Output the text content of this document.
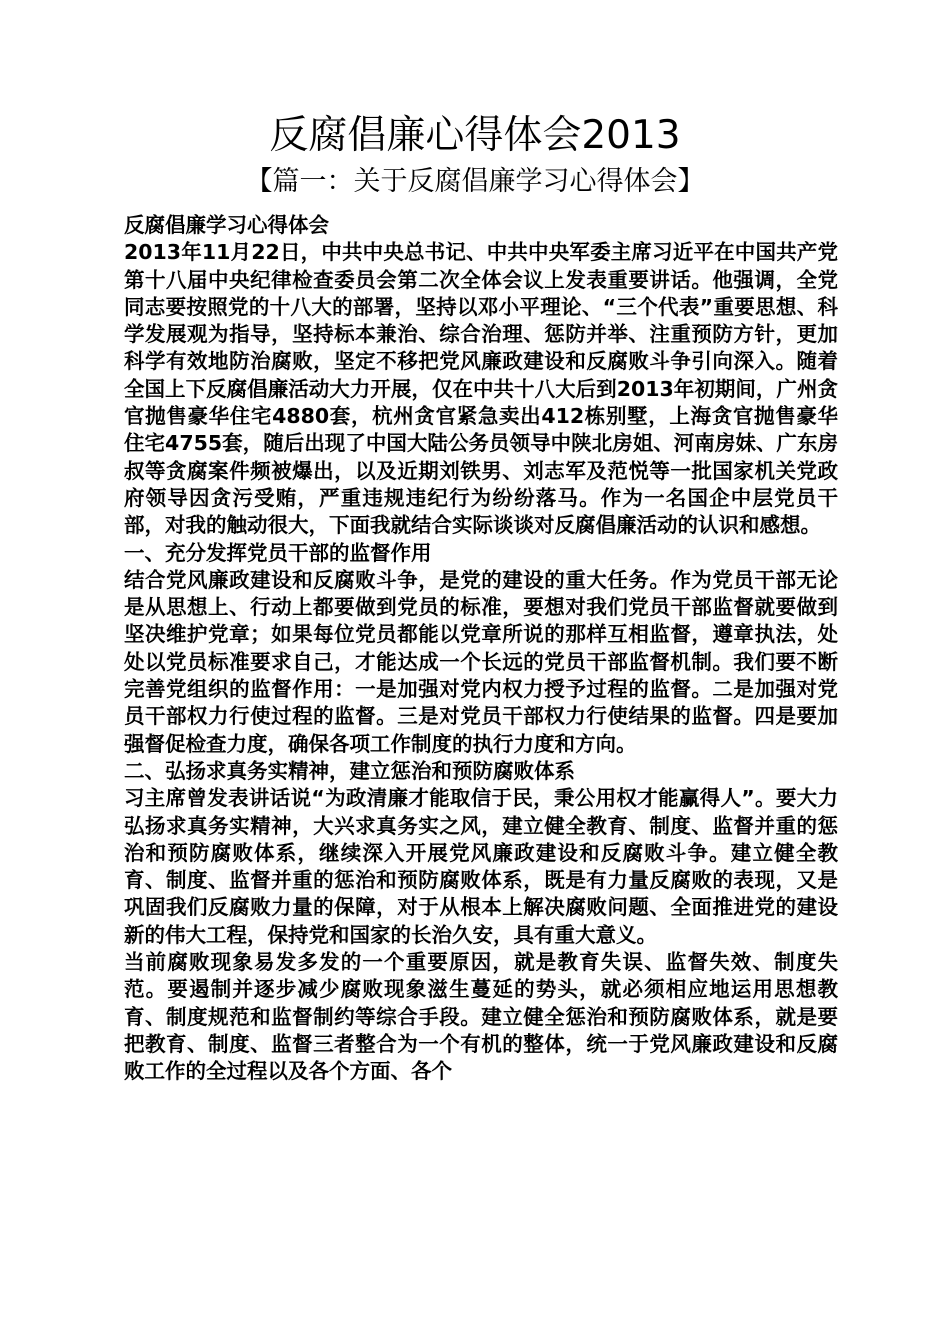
反腐倡廉心得体会2013
【篇一：关于反腐倡廉学习心得体会】

反腐倡廉学习心得体会

2013年11月22日，中共中央总书记、中共中央军委主席习近平在中国共产党第十八届中央纪律检查委员会第二次全体会议上发表重要讲话。他强调，全党同志要按照党的十八大的部署，坚持以邓小平理论、“三个代表”重要思想、科学发展观为指导，坚持标本兼治、综合治理、惩防并举、注重预防方针，更加科学有效地防治腐败，坚定不移把党风廉政建设和反腐败斗争引向深入。随着全国上下反腐倡廉活动大力开展，仅在中共十八大后到2013年初期间，广州贪官抛售豪华住宅4880套，杭州贪官紧急卖出412栋别墅，上海贪官抛售豪华住宅4755套，随后出现了中国大陆公务员领导中陕北房姐、河南房妹、广东房叔等贪腐案件频被爆出，以及近期刘铁男、刘志军及范悦等一批国家机关党政府领导因贪污受贿，严重违规违纪行为纷纷落马。作为一名国企中层党员干部，对我的触动很大，下面我就结合实际谈谈对反腐倡廉活动的认识和感想。

一、充分发挥党员干部的监督作用

结合党风廉政建设和反腐败斗争，是党的建设的重大任务。作为党员干部无论是从思想上、行动上都要做到党员的标准，要想对我们党员干部监督就要做到坚决维护党章；如果每位党员都能以党章所说的那样互相监督，遵章执法，处处以党员标准要求自己，才能达成一个长远的党员干部监督机制。我们要不断完善党组织的监督作用：一是加强对党内权力授予过程的监督。二是加强对党员干部权力行使过程的监督。三是对党员干部权力行使结果的监督。四是要加强督促检查力度，确保各项工作制度的执行力度和方向。

二、弘扬求真务实精神，建立惩治和预防腐败体系

习主席曾发表讲话说“为政清廉才能取信于民，秉公用权才能赢得人”。要大力弘扬求真务实精神，大兴求真务实之风，建立健全教育、制度、监督并重的惩治和预防腐败体系，继续深入开展党风廉政建设和反腐败斗争。建立健全教育、制度、监督并重的惩治和预防腐败体系，既是有力量反腐败的表现，又是巩固我们反腐败力量的保障，对于从根本上解决腐败问题、全面推进党的建设新的伟大工程，保持党和国家的长治久安，具有重大意义。

当前腐败现象易发多发的一个重要原因，就是教育失误、监督失效、制度失范。要遏制并逐步减少腐败现象滋生蔓延的势头，就必须相应地运用思想教育、制度规范和监督制约等综合手段。建立健全惩治和预防腐败体系，就是要把教育、制度、监督三者整合为一个有机的整体，统一于党风廉政建设和反腐败工作的全过程以及各个方面、各个
